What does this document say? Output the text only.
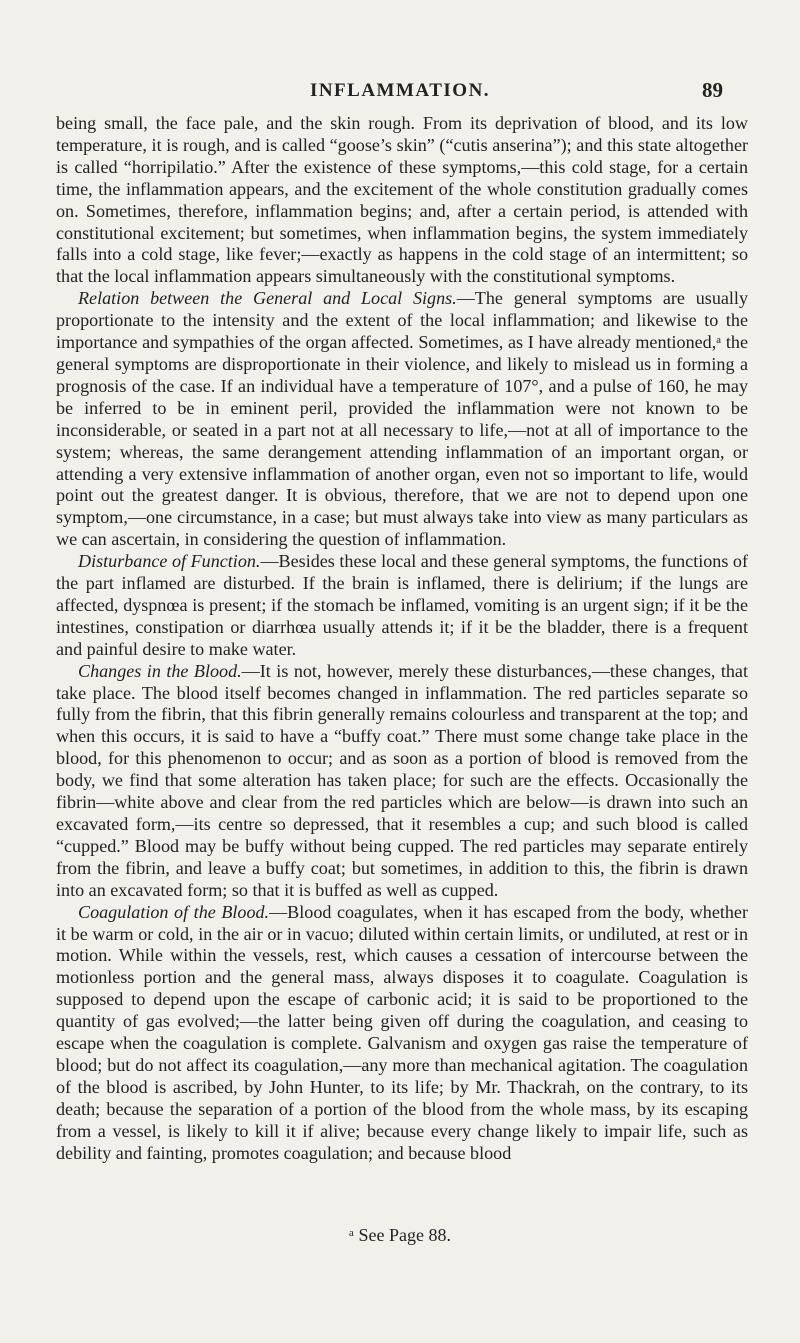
INFLAMMATION.	89

being small, the face pale, and the skin rough. From its deprivation of blood, and its low temperature, it is rough, and is called “goose’s skin” (“cutis anserina”); and this state altogether is called “horripilatio.” After the existence of these symptoms,—this cold stage, for a certain time, the inflammation appears, and the excitement of the whole constitution gradually comes on. Sometimes, therefore, inflammation begins; and, after a certain period, is attended with constitutional excitement; but sometimes, when inflammation begins, the system immediately falls into a cold stage, like fever;—exactly as happens in the cold stage of an intermittent; so that the local inflammation appears simultaneously with the constitutional symptoms.

Relation between the General and Local Signs.—The general symptoms are usually proportionate to the intensity and the extent of the local inflammation; and likewise to the importance and sympathies of the organ affected. Sometimes, as I have already mentioned,ᵃ the general symptoms are disproportionate in their violence, and likely to mislead us in forming a prognosis of the case. If an individual have a temperature of 107°, and a pulse of 160, he may be inferred to be in eminent peril, provided the inflammation were not known to be inconsiderable, or seated in a part not at all necessary to life,—not at all of importance to the system; whereas, the same derangement attending inflammation of an important organ, or attending a very extensive inflammation of another organ, even not so important to life, would point out the greatest danger. It is obvious, therefore, that we are not to depend upon one symptom,—one circumstance, in a case; but must always take into view as many particulars as we can ascertain, in considering the question of inflammation.

Disturbance of Function.—Besides these local and these general symptoms, the functions of the part inflamed are disturbed. If the brain is inflamed, there is delirium; if the lungs are affected, dyspnœa is present; if the stomach be inflamed, vomiting is an urgent sign; if it be the intestines, constipation or diarrhœa usually attends it; if it be the bladder, there is a frequent and painful desire to make water.

Changes in the Blood.—It is not, however, merely these disturbances,—these changes, that take place. The blood itself becomes changed in inflammation. The red particles separate so fully from the fibrin, that this fibrin generally remains colourless and transparent at the top; and when this occurs, it is said to have a “buffy coat.” There must some change take place in the blood, for this phenomenon to occur; and as soon as a portion of blood is removed from the body, we find that some alteration has taken place; for such are the effects. Occasionally the fibrin—white above and clear from the red particles which are below—is drawn into such an excavated form,—its centre so depressed, that it resembles a cup; and such blood is called “cupped.” Blood may be buffy without being cupped. The red particles may separate entirely from the fibrin, and leave a buffy coat; but sometimes, in addition to this, the fibrin is drawn into an excavated form; so that it is buffed as well as cupped.

Coagulation of the Blood.—Blood coagulates, when it has escaped from the body, whether it be warm or cold, in the air or in vacuo; diluted within certain limits, or undiluted, at rest or in motion. While within the vessels, rest, which causes a cessation of intercourse between the motionless portion and the general mass, always disposes it to coagulate. Coagulation is supposed to depend upon the escape of carbonic acid; it is said to be proportioned to the quantity of gas evolved;—the latter being given off during the coagulation, and ceasing to escape when the coagulation is complete. Galvanism and oxygen gas raise the temperature of blood; but do not affect its coagulation,—any more than mechanical agitation. The coagulation of the blood is ascribed, by John Hunter, to its life; by Mr. Thackrah, on the contrary, to its death; because the separation of a portion of the blood from the whole mass, by its escaping from a vessel, is likely to kill it if alive; because every change likely to impair life, such as debility and fainting, promotes coagulation; and because blood

ᵃ See Page 88.
